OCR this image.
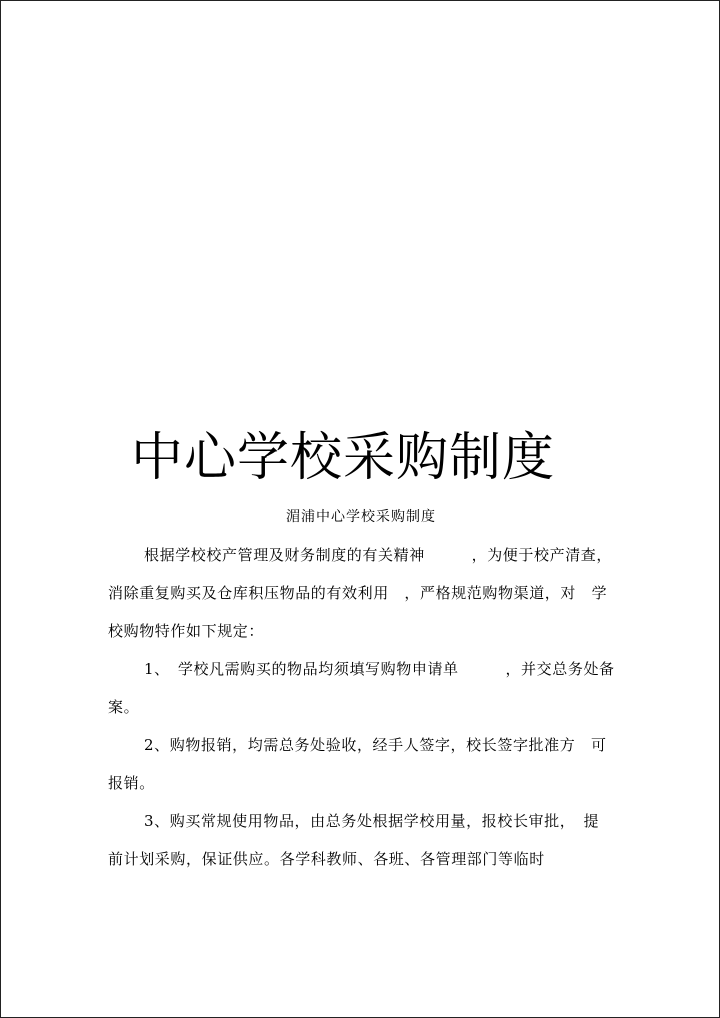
中心学校采购制度
湄浦中心学校采购制度
根据学校校产管理及财务制度的有关精神　　　，为便于校产清查，
消除重复购买及仓库积压物品的有效利用　，严格规范购物渠道，对　学
校购物特作如下规定：
1、　学校凡需购买的物品均须填写购物申请单　　　，并交总务处备
案。
2、购物报销，均需总务处验收，经手人签字，校长签字批准方　可
报销。
3、购买常规使用物品，由总务处根据学校用量，报校长审批，　提
前计划采购，保证供应。各学科教师、各班、各管理部门等临时
